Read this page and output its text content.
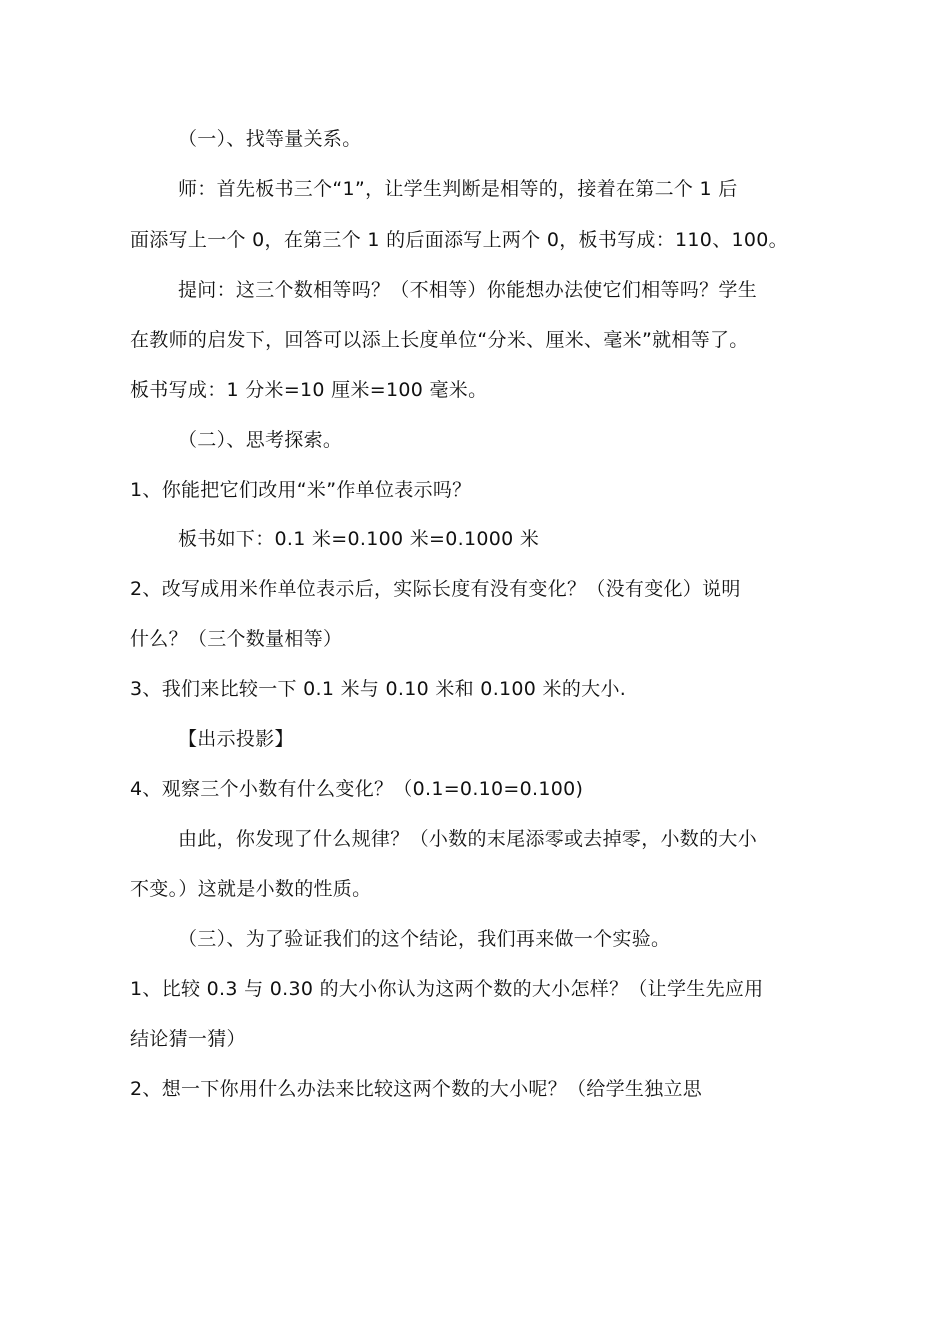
（一）、找等量关系。
师：首先板书三个“1”，让学生判断是相等的，接着在第二个 1 后
面添写上一个 0，在第三个 1 的后面添写上两个 0，板书写成：110、100。
提问：这三个数相等吗？（不相等）你能想办法使它们相等吗？学生
在教师的启发下，回答可以添上长度单位“分米、厘米、毫米”就相等了。
板书写成：1 分米=10 厘米=100 毫米。
（二）、思考探索。
1、你能把它们改用“米”作单位表示吗？
板书如下：0.1 米=0.100 米=0.1000 米
2、改写成用米作单位表示后，实际长度有没有变化？（没有变化）说明
什么？（三个数量相等）
3、我们来比较一下 0.1 米与 0.10 米和 0.100 米的大小.
【出示投影】
4、观察三个小数有什么变化？（0.1=0.10=0.100)
由此，你发现了什么规律？（小数的末尾添零或去掉零，小数的大小
不变。）这就是小数的性质。
（三）、为了验证我们的这个结论，我们再来做一个实验。
1、比较 0.3 与 0.30 的大小你认为这两个数的大小怎样？（让学生先应用
结论猜一猜）
2、想一下你用什么办法来比较这两个数的大小呢？（给学生独立思
